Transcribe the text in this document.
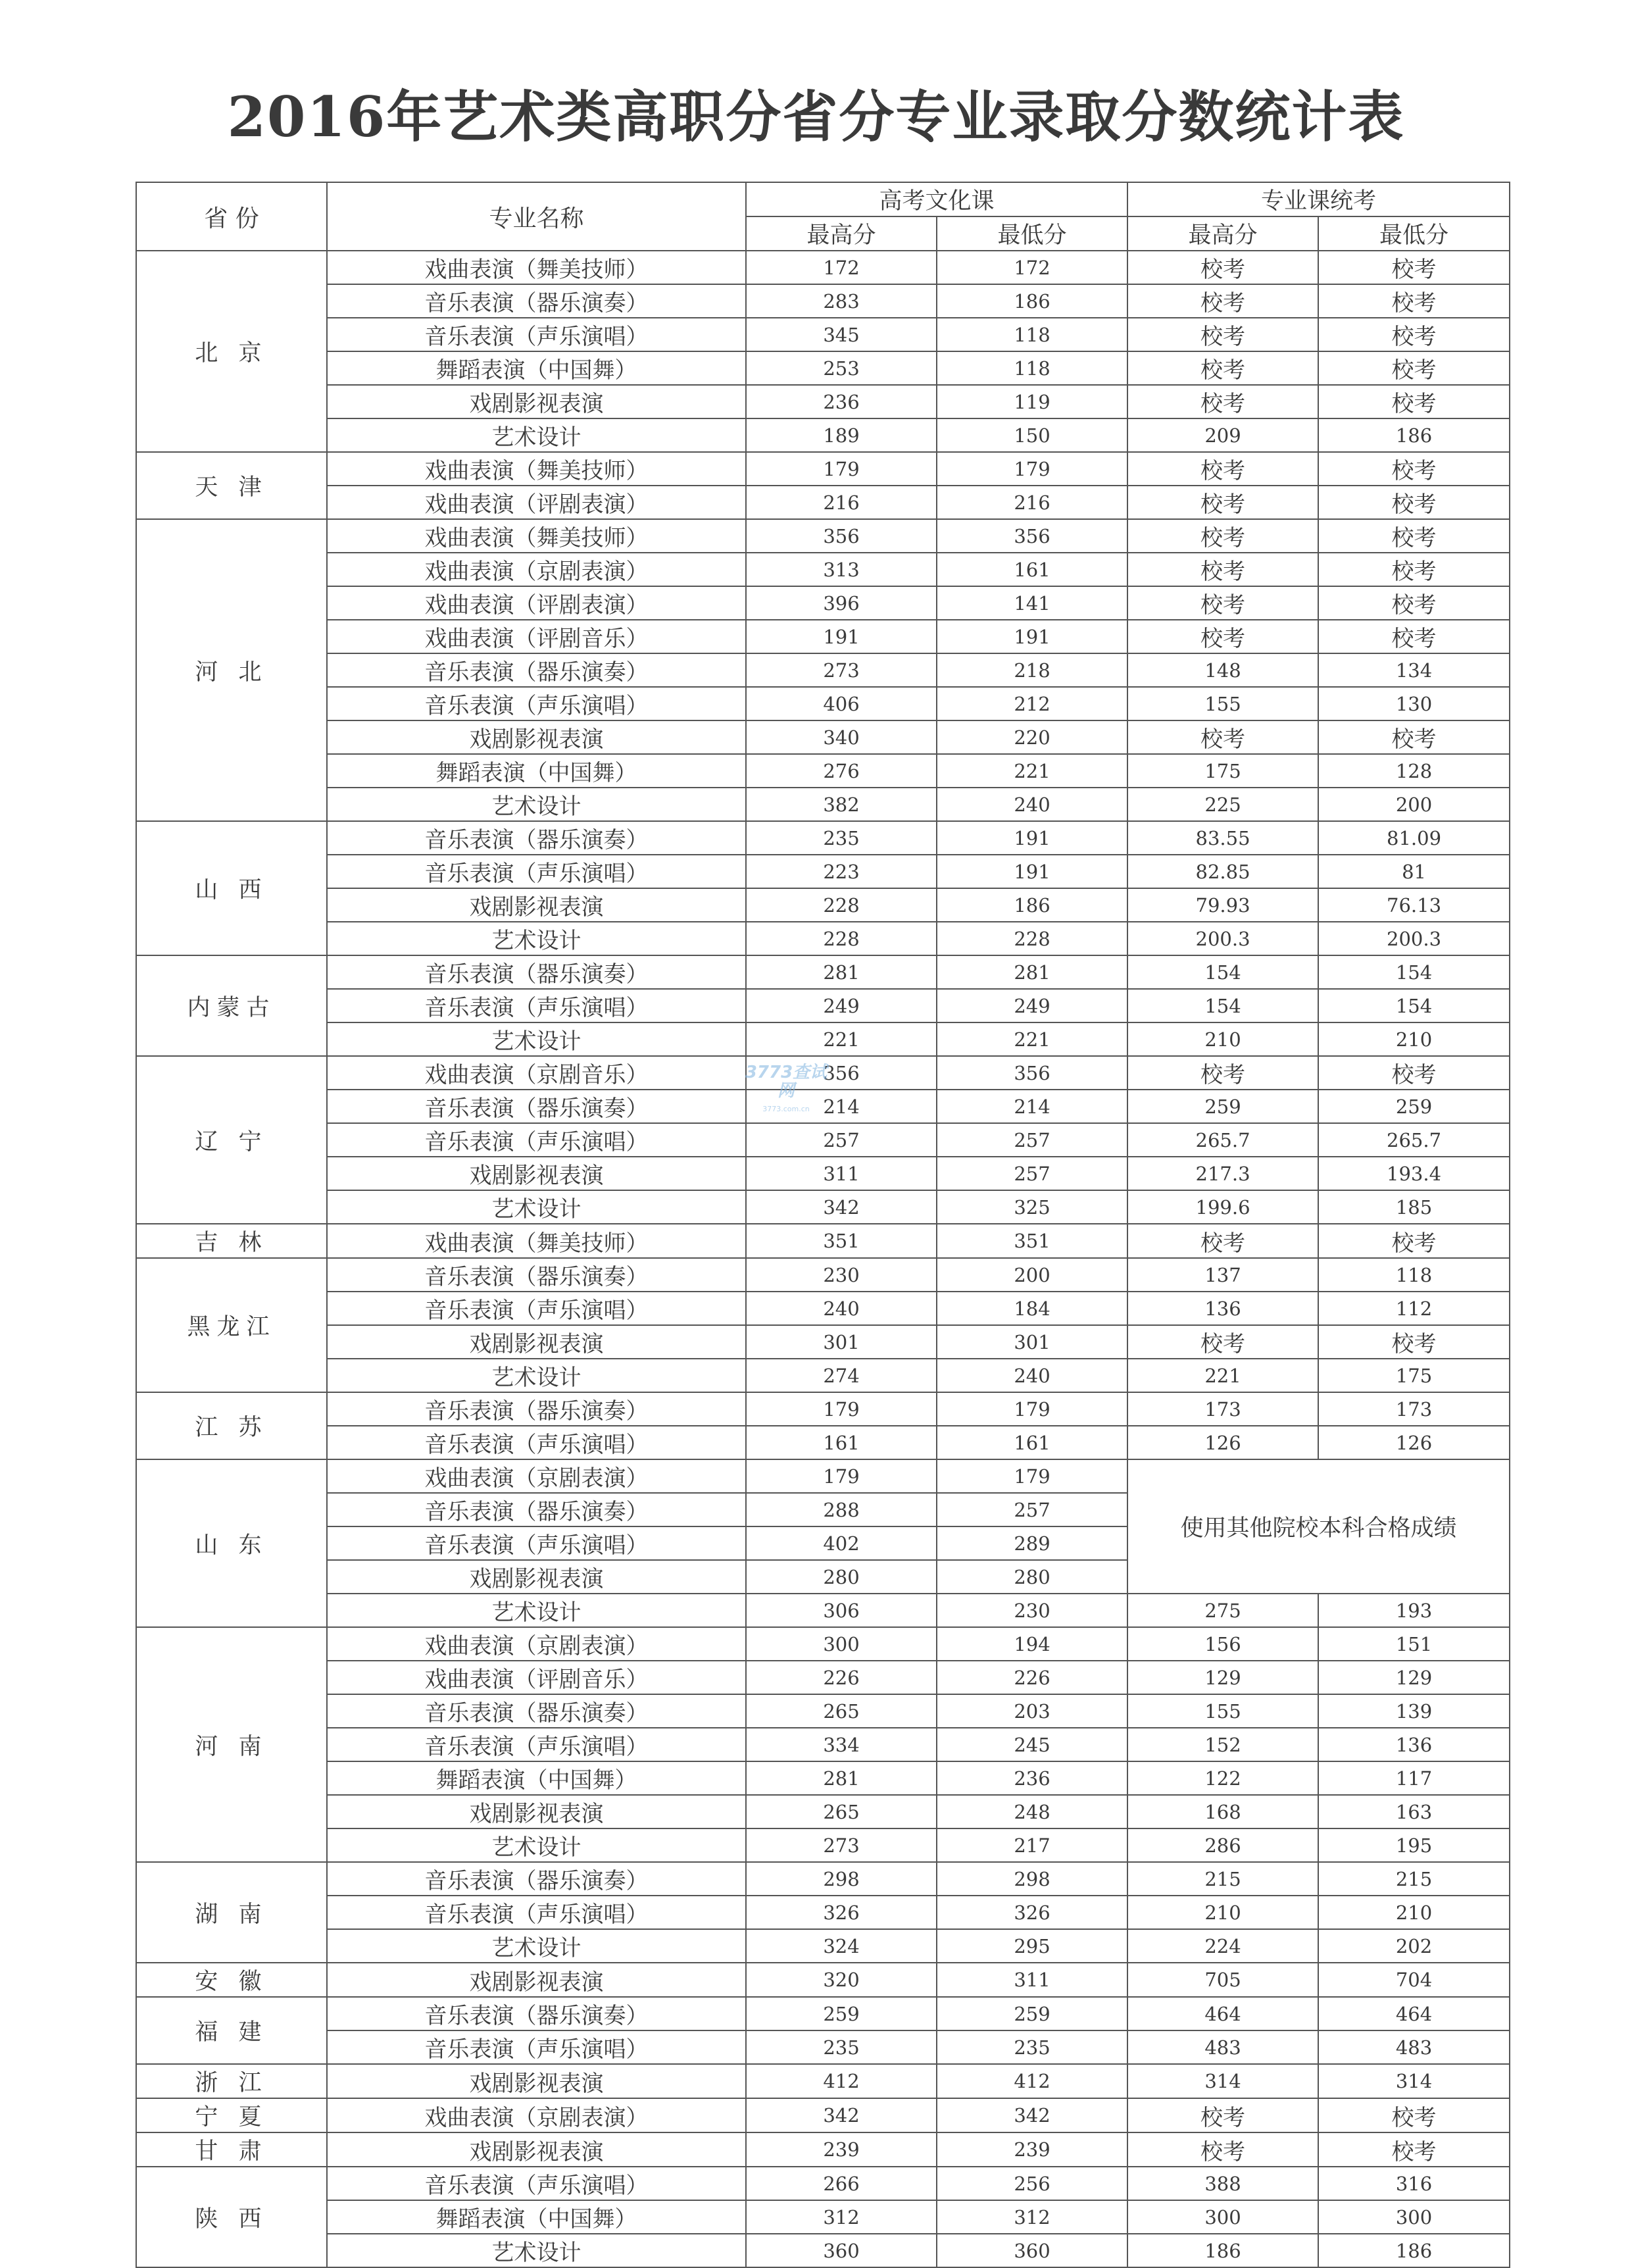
2016年艺术类高职分省分专业录取分数统计表
省 份	专业名称	高考文化课		专业课统考	
		最高分	最低分	最高分	最低分
北 京	戏曲表演（舞美技师）	172	172	校考	校考
	音乐表演（器乐演奏）	283	186	校考	校考
	音乐表演（声乐演唱）	345	118	校考	校考
	舞蹈表演（中国舞）	253	118	校考	校考
	戏剧影视表演	236	119	校考	校考
	艺术设计	189	150	209	186
天 津	戏曲表演（舞美技师）	179	179	校考	校考
	戏曲表演（评剧表演）	216	216	校考	校考
河 北	戏曲表演（舞美技师）	356	356	校考	校考
	戏曲表演（京剧表演）	313	161	校考	校考
	戏曲表演（评剧表演）	396	141	校考	校考
	戏曲表演（评剧音乐）	191	191	校考	校考
	音乐表演（器乐演奏）	273	218	148	134
	音乐表演（声乐演唱）	406	212	155	130
	戏剧影视表演	340	220	校考	校考
	舞蹈表演（中国舞）	276	221	175	128
	艺术设计	382	240	225	200
山 西	音乐表演（器乐演奏）	235	191	83.55	81.09
	音乐表演（声乐演唱）	223	191	82.85	81
	戏剧影视表演	228	186	79.93	76.13
	艺术设计	228	228	200.3	200.3
内蒙古	音乐表演（器乐演奏）	281	281	154	154
	音乐表演（声乐演唱）	249	249	154	154
	艺术设计	221	221	210	210
辽 宁	戏曲表演（京剧音乐）	356	356	校考	校考
	音乐表演（器乐演奏）	214	214	259	259
	音乐表演（声乐演唱）	257	257	265.7	265.7
	戏剧影视表演	311	257	217.3	193.4
	艺术设计	342	325	199.6	185
吉 林	戏曲表演（舞美技师）	351	351	校考	校考
黑龙江	音乐表演（器乐演奏）	230	200	137	118
	音乐表演（声乐演唱）	240	184	136	112
	戏剧影视表演	301	301	校考	校考
	艺术设计	274	240	221	175
江 苏	音乐表演（器乐演奏）	179	179	173	173
	音乐表演（声乐演唱）	161	161	126	126
山 东	戏曲表演（京剧表演）	179	179	使用其他院校本科合格成绩	
	音乐表演（器乐演奏）	288	257		
	音乐表演（声乐演唱）	402	289		
	戏剧影视表演	280	280		
	艺术设计	306	230	275	193
河 南	戏曲表演（京剧表演）	300	194	156	151
	戏曲表演（评剧音乐）	226	226	129	129
	音乐表演（器乐演奏）	265	203	155	139
	音乐表演（声乐演唱）	334	245	152	136
	舞蹈表演（中国舞）	281	236	122	117
	戏剧影视表演	265	248	168	163
	艺术设计	273	217	286	195
湖 南	音乐表演（器乐演奏）	298	298	215	215
	音乐表演（声乐演唱）	326	326	210	210
	艺术设计	324	295	224	202
安 徽	戏剧影视表演	320	311	705	704
福 建	音乐表演（器乐演奏）	259	259	464	464
	音乐表演（声乐演唱）	235	235	483	483
浙 江	戏剧影视表演	412	412	314	314
宁 夏	戏曲表演（京剧表演）	342	342	校考	校考
甘 肃	戏剧影视表演	239	239	校考	校考
陕 西	音乐表演（声乐演唱）	266	256	388	316
	舞蹈表演（中国舞）	312	312	300	300
	艺术设计	360	360	186	186
3773查试网
3773.com.cn
